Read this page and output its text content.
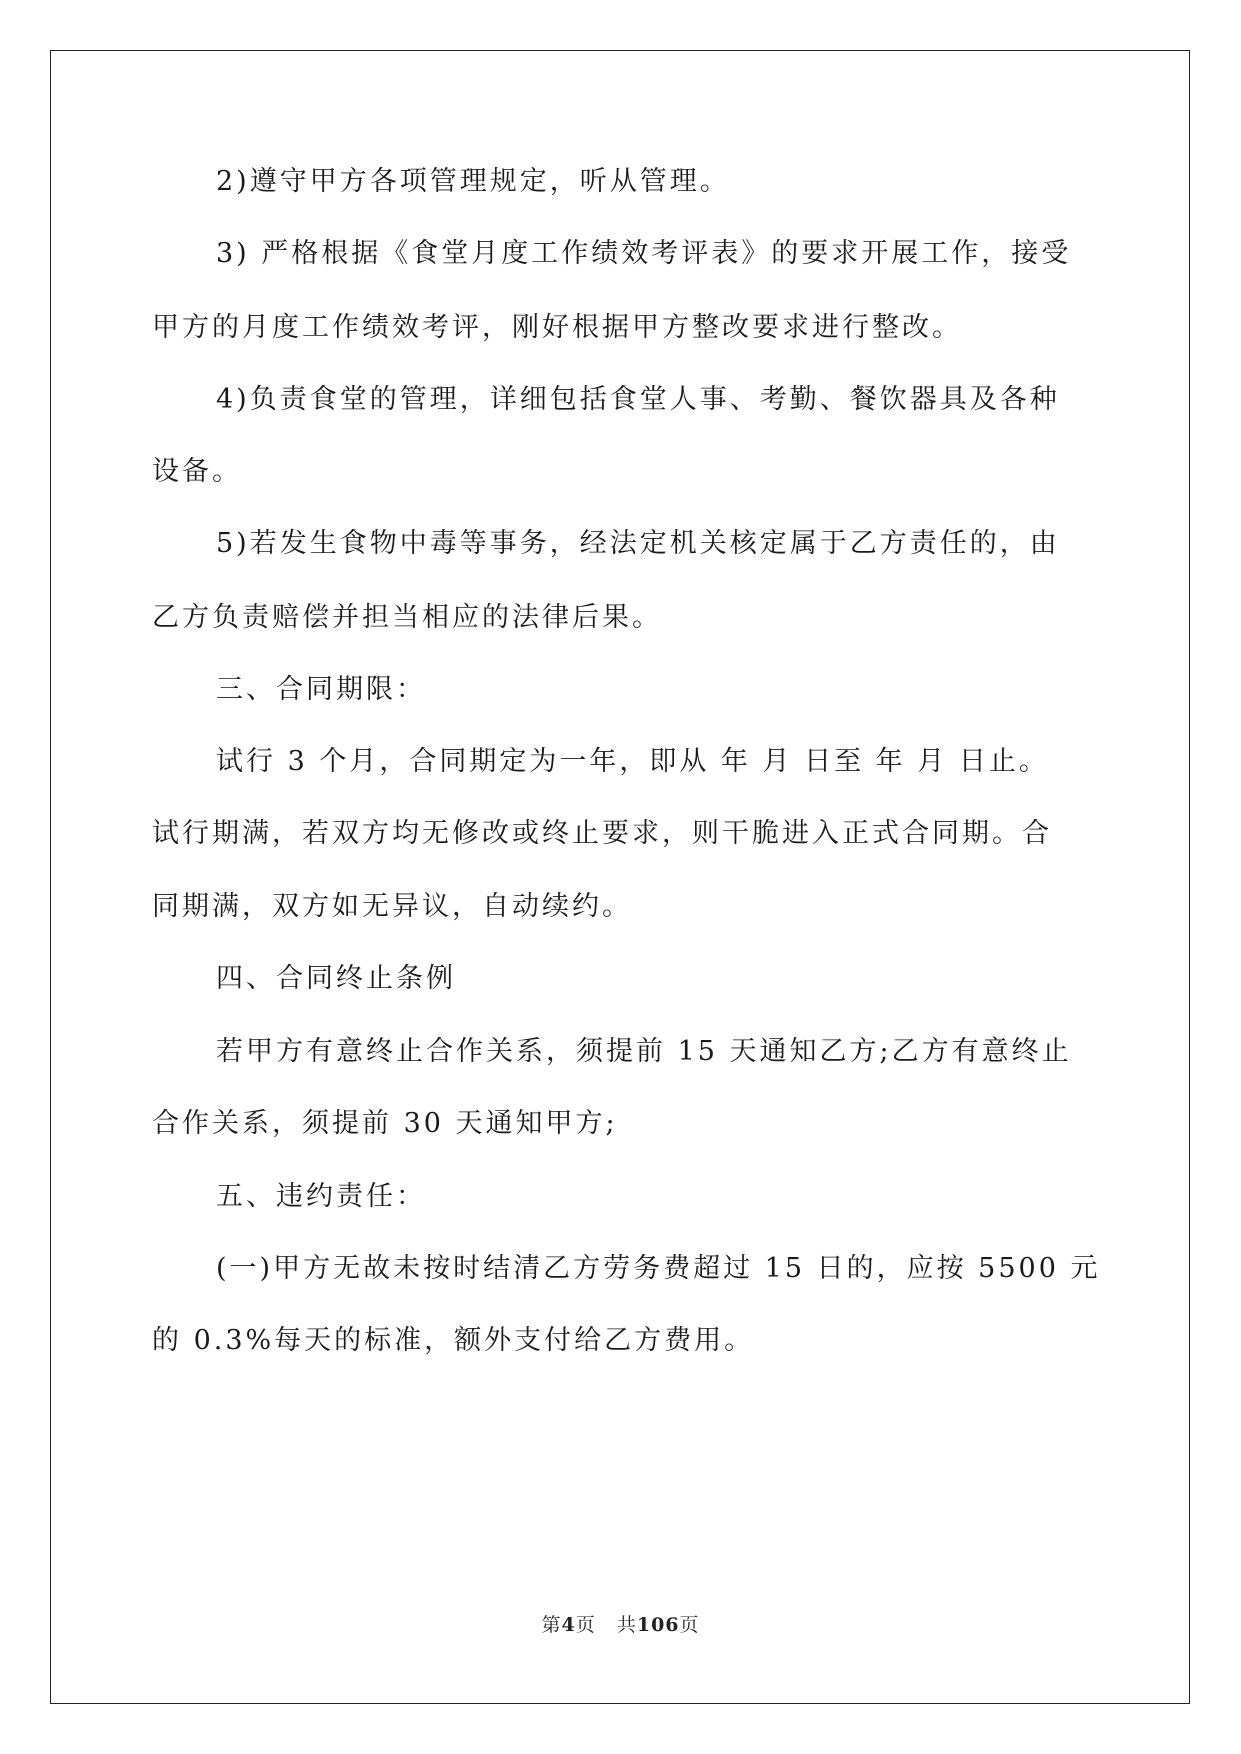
2)遵守甲方各项管理规定，听从管理。
3) 严格根据《食堂月度工作绩效考评表》的要求开展工作，接受
甲方的月度工作绩效考评，刚好根据甲方整改要求进行整改。
4)负责食堂的管理，详细包括食堂人事、考勤、餐饮器具及各种
设备。
5)若发生食物中毒等事务，经法定机关核定属于乙方责任的，由
乙方负责赔偿并担当相应的法律后果。
三、合同期限：
试行 3 个月，合同期定为一年，即从 年 月 日至 年 月 日止。
试行期满，若双方均无修改或终止要求，则干脆进入正式合同期。合
同期满，双方如无异议，自动续约。
四、合同终止条例
若甲方有意终止合作关系，须提前 15 天通知乙方;乙方有意终止
合作关系，须提前 30 天通知甲方;
五、违约责任：
(一)甲方无故未按时结清乙方劳务费超过 15 日的，应按 5500 元
的 0.3%每天的标准，额外支付给乙方费用。
第4页 共106页
